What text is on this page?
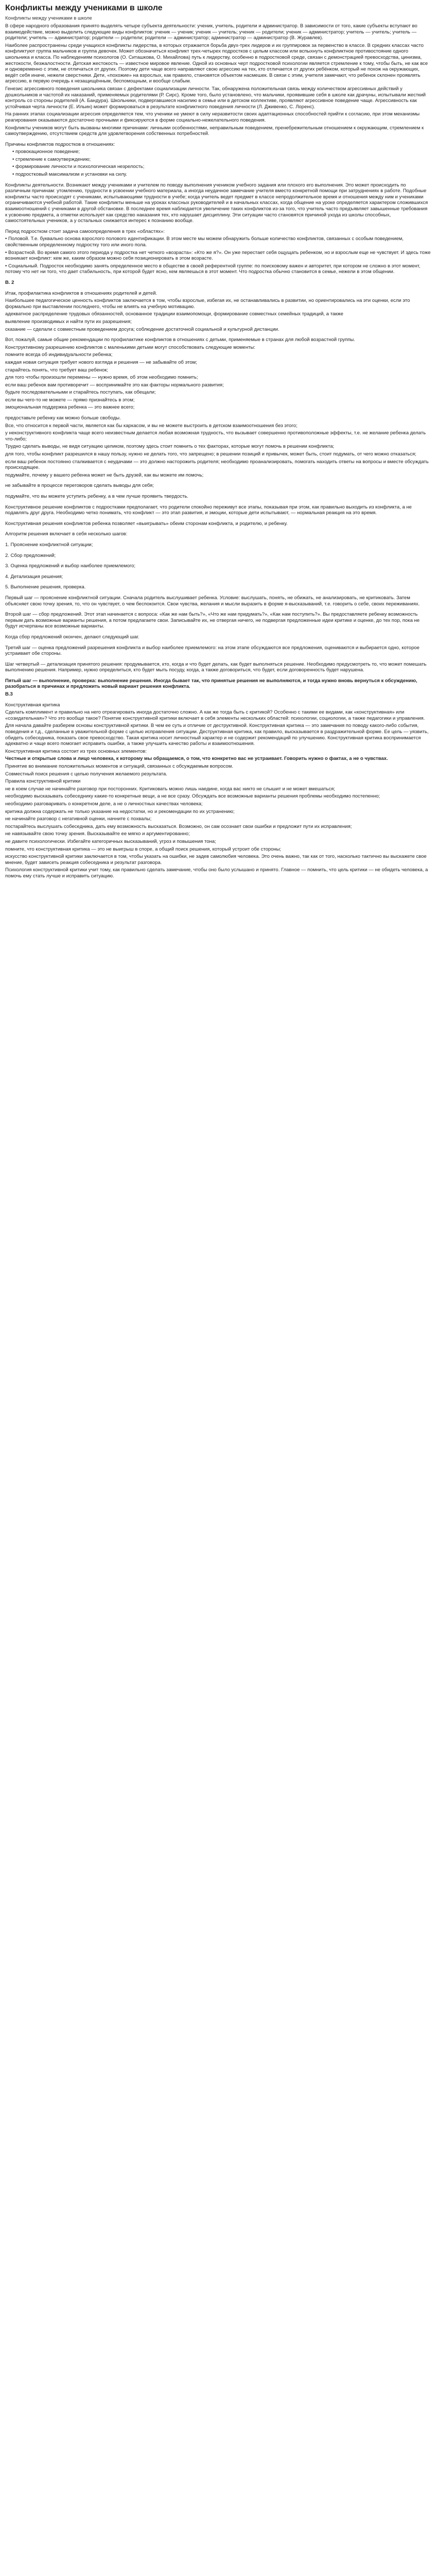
Конфликты между учениками в школе
Конфликты между учениками в школе

В сфере народного образования принято выделять четыре субъекта деятельности: ученик, учитель, родители и администратор. В зависимости от того, какие субъекты вступают во взаимодействие, можно выделить следующие виды конфликтов: ученик — ученик; ученик — учитель; ученик — родители; ученик — администратор; учитель — учитель; учитель — родители; учитель — администратор; родители — родители; родители — администратор; администратор — администратор (В. Журавлев).

Наиболее распространены среди учащихся конфликты лидерства, в которых отражается борьба двух-трех лидеров и их группировок за первенство в классе. В средних классах часто конфликтуют группа мальчиков и группа девочек. Может обозначиться конфликт трех-четырех подростков с целым классом или вспыхнуть конфликтное противостояние одного школьника и класса. По наблюдениям психологов (О. Ситашкова, О. Михайлова) путь к лидерству, особенно в подростковой среде, связан с демонстрацией превосходства, цинизма, жестокости, безжалостности. Детская жестокость — известное мировое явление. Одной из основных черт подростковой психологии является стремление к тому, чтобы быть, не как все и одновременно с этим, не отличаться от других. Поэтому дети чаще всего направляют свою агрессию на тех, кто отличается от других ребёнком, который не похож на окружающих, ведёт себя иначе, нежели сверстники. Дети, «похожие» на взрослых, как правило, становятся объектом насмешек. В связи с этим, учителя замечают, что ребенок склонен проявлять агрессию, в первую очередь к незащищённым, беспомощным, и вообще слабым.

Генезис агрессивного поведения школьника связан с дефектами социализации личности. Так, обнаружена положительная связь между количеством агрессивных действий у дошкольников и частотой их наказаний, применяемых родителями (Р. Сирс). Кроме того, было установлено, что мальчики, проявившие себя в школе как драчуны, испытывали жесткий контроль со стороны родителей (А. Бандура). Школьники, подвергавшиеся насилию в семье или в детском коллективе, проявляют агрессивное поведение чаще. Агрессивность как устойчивая черта личности (Е. Ильин) может формироваться в результате конфликтного поведения личности (Л. Дживенко, С. Лоренс).

На ранних этапах социализации агрессия определяется тем, что ученики не умеют в силу неразвитости своих адаптационных способностей прийти к согласию, при этом механизмы реагирования оказываются достаточно прочными и фиксируются в форме социально-нежелательного поведения.

Конфликты учеников могут быть вызваны многими причинами: личными особенностями, неправильным поведением, пренебрежительным отношением к окружающим, стремлением к самоутверждению, отсутствием средств для удовлетворения собственных потребностей.

Причины конфликтов подростков в отношениях:

• провокационное поведение;

• стремление к самоутверждению;

• формирование личности и психологическая незрелость;

• подростковый максимализм и установки на силу.

Конфликты деятельности. Возникают между учениками и учителем по поводу выполнения учеником учебного задания или плохого его выполнения. Это может происходить по различным причинам: утомлению, трудности в усвоении учебного материала, а иногда неудачное замечание учителя вместо конкретной помощи при затруднениях в работе. Подобные конфликты часто происходят с учениками, испытывающими трудности в учебе; когда учитель ведет предмет в классе непродолжительное время и отношения между ним и учениками ограничиваются учебной работой. Такие конфликты меньше на уроках классных руководителей и в начальных классах, когда общение на уроке определяется характером сложившихся взаимоотношений с учениками в другой обстановке. В последнее время наблюдается увеличение таких конфликтов из-за того, что учитель часто предъявляет завышенные требования к усвоению предмета, а отметки использует как средство наказания тех, кто нарушает дисциплину. Эти ситуации часто становятся причиной ухода из школы способных, самостоятельных учеников, а у остальных снижается интерес к познанию вообще.

Перед подростком стоит задача самоопределения в трех «областях»:

• Половой. Т.е. буквально основа взрослого полового идентификации. В этом месте мы можем обнаружить больше количество конфликтов, связанных с особым поведением, свойственным определенному подростку того или иного пола.

• Возрастной. Во время самого этого периода у подростка нет четкого «возраста»: «Кто же я?». Он уже перестает себя ощущать ребенком, но и взрослым еще не чувствует. И здесь тоже возникает конфликт: кем же, каким образом можно себя позиционировать в этом возрасте.

• Социальный. Подросток необходимо занять определенное место в обществе в своей референтной группе: по поисковому важен и авторитет, при котором не сложно в этот момент, потому что нет ни того, что дает стабильность, при которой будет ясно, кем являешься в этот момент. Что подростка обычно становится в семье, нежели в этом общении.

В. 2

Итак, профилактика конфликтов в отношениях родителей и детей.

Наибольшее педагогическое ценность конфликтов заключается в том, чтобы взрослые, избегая их, не останавливались в развитии, но ориентировались на эти оценки, если это формально при выставлении последнего, чтобы не влиять на учебную мотивацию.

адекватное распределение трудовых обязанностей, основанное традиции взаимопомощи, формирование совместных семейных традиций, а также

выявление производимых и найти пути их разрешения;

сказание — сделали с совместным проведением досуга; соблюдение достаточной социальной и культурной дистанции.

Вот, пожалуй, самые общие рекомендации по профилактике конфликтов в отношениях с детьми, применяемые в странах для любой возрастной группы.

Конструктивному разрешению конфликтов с маленькими детьми могут способствовать следующие моменты:

помните всегда об индивидуальности ребенка;

каждая новая ситуация требует нового взгляда и решения — не забывайте об этом;

старайтесь понять, что требует ваш ребенок;

для того чтобы произошли перемены — нужно время, об этом необходимо помнить;

если ваш ребенок вам противоречит — воспринимайте это как факторы нормального развития;

будьте последовательными и старайтесь поступать, как обещали;

если вы чего-то не можете — прямо признайтесь в этом;

эмоциональная поддержка ребенка — это важнее всего;

предоставьте ребенку как можно больше свободы.

Все, что относится к первой части, является как бы каркасом, и вы не можете выстроить в детском взаимоотношения без этого;

у неконструктивного конфликта чаще всего неизвестным делается любая возможная трудность, что вызывает совершенно противоположные эффекты, т.е. не желание ребенка делать что-либо;

Трудно сделать выводы, не видя ситуацию целиком, поэтому здесь стоит помнить о тех факторах, которые могут помочь в решении конфликта;

для того, чтобы конфликт разрешился в нашу пользу, нужно не делать того, что запрещено; в решении позиций и привычек, может быть, стоит подумать, от чего можно отказаться;

если ваш ребенок постоянно сталкивается с неудачами — это должно насторожить родителя; необходимо проанализировать, помогать находить ответы на вопросы и вместе обсуждать происходящее.

подумайте, почему у вашего ребенка может не быть друзей, как вы можете им помочь;

не забывайте в процессе переговоров сделать выводы для себя;

подумайте, что вы можете уступить ребенку, а в чем лучше проявить твердость.

Конструктивное решение конфликтов с подростками предполагает, что родители спокойно переживут все этапы, показывая при этом, как правильно выходить из конфликта, а не подавлять друг друга. Необходимо четко понимать, что конфликт — это этап развития, и эмоции, которые дети испытывают, — нормальная реакция на это время.

Конструктивная решения конфликтов ребенка позволяет «выигрывать» обеим сторонам конфликта, и родителю, и ребенку.

Алгоритм решения включает в себя несколько шагов:

1. Прояснение конфликтной ситуации;

2. Сбор предложений;

3. Оценка предложений и выбор наиболее приемлемого;

4. Детализация решения;

5. Выполнение решения, проверка.

Первый шаг — прояснение конфликтной ситуации. Сначала родитель выслушивает ребенка. Условие: выслушать, понять, не обижать, не анализировать, не критиковать. Затем объясняет свою точку зрения, то, что он чувствует, о чем беспокоится. Свои чувства, желания и мысли выразить в форме я-высказываний, т.е. говорить о себе, своих переживаниях.

Второй шаг — сбор предложений. Этот этап начинается с вопроса: «Как же нам быть?», «Что же нам придумать?», «Как нам поступить?». Вы предоставляете ребенку возможность первым дать возможные варианты решения, а потом предлагаете свои. Записывайте их, не отвергая ничего, не подвергая предложенные идеи критике и оценке, до тех пор, пока не будут исчерпаны все возможные варианты.

Когда сбор предложений окончен, делают следующий шаг.

Третий шаг — оценка предложений разрешения конфликта и выбор наиболее приемлемого: на этом этапе обсуждаются все предложения, оцениваются и выбирается одно, которое устраивает обе стороны.

Шаг четвертый — детализация принятого решения: продумывается, кто, когда и что будет делать, как будет выполняться решение. Необходимо предусмотреть то, что может помешать выполнению решения. Например, нужно определиться, кто будет мыть посуду, когда, а также договориться, что будет, если договоренность будет нарушена.

Пятый шаг — выполнение, проверка: выполнение решения. Иногда бывает так, что принятые решения не выполняются, и тогда нужно вновь вернуться к обсуждению, разобраться в причинах и предложить новый вариант решения конфликта.

В.3

Конструктивная критика

Сделать комплимент и правильно на него отреагировать иногда достаточно сложно. А как же тогда быть с критикой? Особенно с такими ее видами, как «конструктивная» или «созидательная»? Что это вообще такое? Понятие конструктивной критики включает в себя элементы нескольких областей: психологии, социологии, а также педагогики и управления.

Для начала давайте разберем основы конструктивной критики. В чем ее суть и отличие от деструктивной. Конструктивная критика — это замечания по поводу какого-либо события, поведения и т.д., сделанные в уважительной форме с целью исправления ситуации. Деструктивная критика, как правило, высказывается в раздражительной форме. Ее цель — уязвить, обидеть собеседника, показать свое превосходство. Такая критика носит личностный характер и не содержит рекомендаций по улучшению. Конструктивная критика воспринимается адекватно и чаще всего помогает исправить ошибки, а также улучшить качество работы и взаимоотношения.

Конструктивная критика состоит из трех основных элементов:

Честные и открытые слова и лицо человека, к которому мы обращаемся, о том, что конкретно вас не устраивает. Говорить нужно о фактах, а не о чувствах.

Принятие во внимание положительных моментов и ситуаций, связанных с обсуждаемым вопросом.

Совместный поиск решения с целью получения желаемого результата.

Правила конструктивной критики

не в коем случае не начинайте разговор при посторонних. Критиковать можно лишь наедине, когда вас никто не слышит и не может вмешаться;

необходимо высказывать собеседнику какие-то конкретные вещи, а не все сразу. Обсуждать все возможные варианты решения проблемы необходимо постепенно;

необходимо разговаривать о конкретном деле, а не о личностных качествах человека;

критика должна содержать не только указание на недостатки, но и рекомендации по их устранению;

не начинайте разговор с негативной оценки, начните с похвалы;

постарайтесь выслушать собеседника, дать ему возможность высказаться. Возможно, он сам осознает свои ошибки и предложит пути их исправления;

не навязывайте свою точку зрения. Высказывайте ее мягко и аргументированно;

не давите психологически. Избегайте категоричных высказываний, угроз и повышения тона;

помните, что конструктивная критика — это не выигрыш в споре, а общий поиск решения, который устроит обе стороны;

искусство конструктивной критики заключается в том, чтобы указать на ошибки, не задев самолюбия человека. Это очень важно, так как от того, насколько тактично вы выскажете свое мнение, будет зависеть реакция собеседника и результат разговора.

Психология конструктивной критики учит тому, как правильно сделать замечание, чтобы оно было услышано и принято. Главное — помнить, что цель критики — не обидеть человека, а помочь ему стать лучше и исправить ситуацию.
